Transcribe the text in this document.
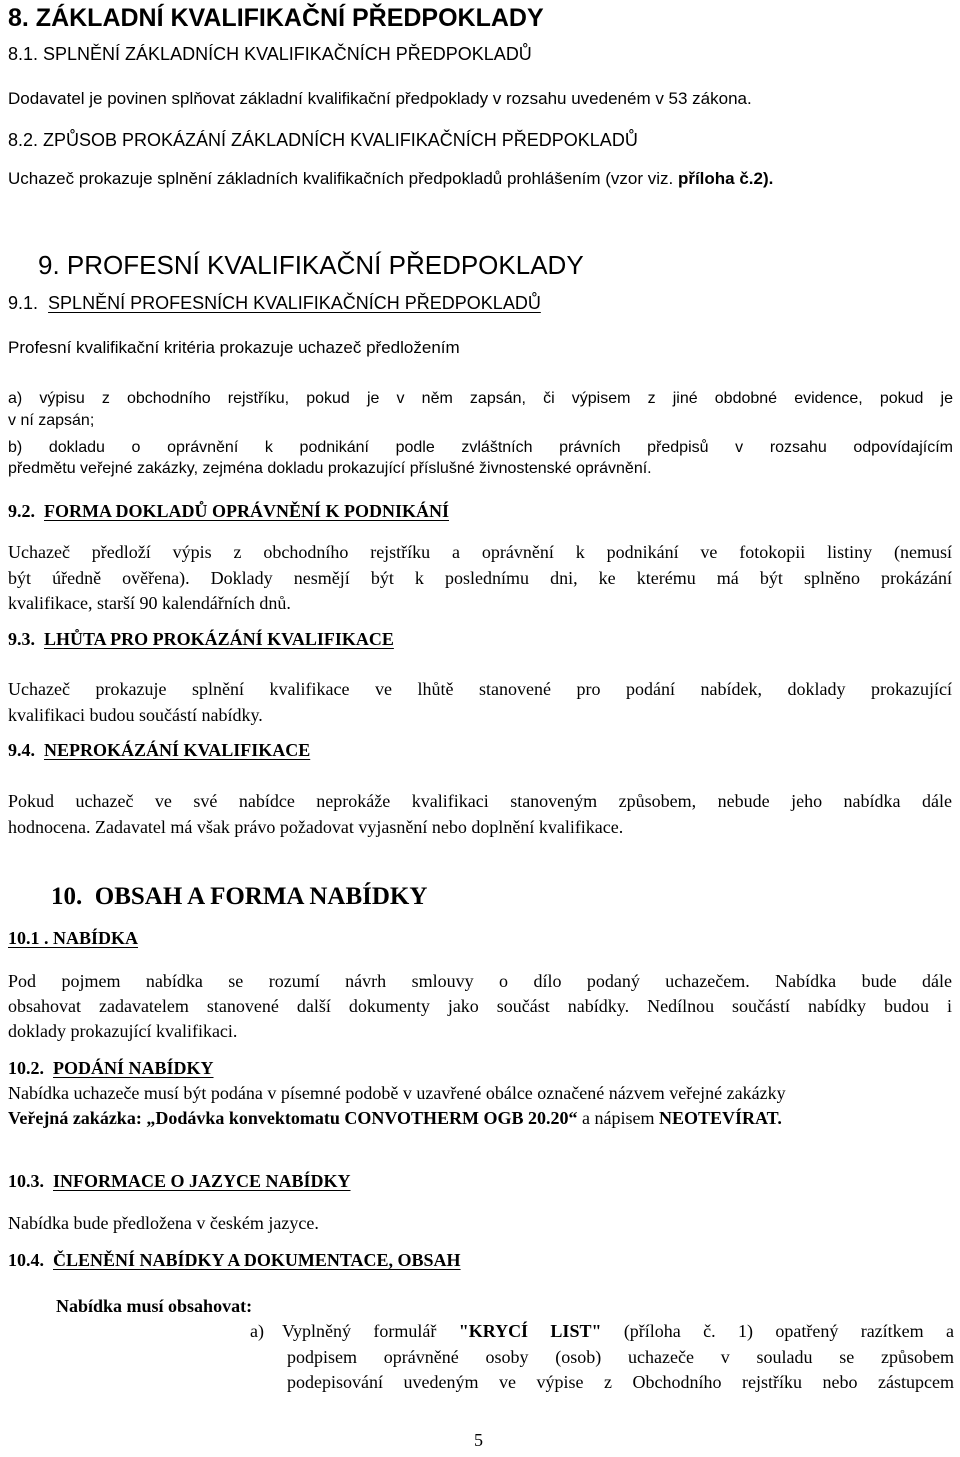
8. ZÁKLADNÍ KVALIFIKAČNÍ PŘEDPOKLADY
8.1. SPLNĚNÍ ZÁKLADNÍCH KVALIFIKAČNÍCH PŘEDPOKLADŮ
Dodavatel je povinen splňovat základní kvalifikační předpoklady v rozsahu uvedeném v 53 zákona.
8.2. ZPŮSOB PROKÁZÁNÍ ZÁKLADNÍCH KVALIFIKAČNÍCH PŘEDPOKLADŮ
Uchazeč prokazuje splnění základních kvalifikačních předpokladů prohlášením (vzor viz. příloha č.2).
9. PROFESNÍ KVALIFIKAČNÍ PŘEDPOKLADY
9.1. SPLNĚNÍ PROFESNÍCH KVALIFIKAČNÍCH PŘEDPOKLADŮ
Profesní kvalifikační kritéria prokazuje uchazeč předložením
a) výpisu z obchodního rejstříku, pokud je v něm zapsán, či výpisem z jiné obdobné evidence, pokud je
v ní zapsán;
b) dokladu o oprávnění k podnikání podle zvláštních právních předpisů v rozsahu odpovídajícím
předmětu veřejné zakázky, zejména dokladu prokazující příslušné živnostenské oprávnění.
9.2. FORMA DOKLADŮ OPRÁVNĚNÍ K PODNIKÁNÍ
Uchazeč předloží výpis z obchodního rejstříku a oprávnění k podnikání ve fotokopii listiny (nemusí
být úředně ověřena). Doklady nesmějí být k poslednímu dni, ke kterému má být splněno prokázání
kvalifikace, starší 90 kalendářních dnů.
9.3. LHŮTA PRO PROKÁZÁNÍ KVALIFIKACE
Uchazeč prokazuje splnění kvalifikace ve lhůtě stanovené pro podání nabídek, doklady prokazující
kvalifikaci budou součástí nabídky.
9.4. NEPROKÁZÁNÍ KVALIFIKACE
Pokud uchazeč ve své nabídce neprokáže kvalifikaci stanoveným způsobem, nebude jeho nabídka dále
hodnocena. Zadavatel má však právo požadovat vyjasnění nebo doplnění kvalifikace.
10. OBSAH A FORMA NABÍDKY
10.1 . NABÍDKA
Pod pojmem nabídka se rozumí návrh smlouvy o dílo podaný uchazečem. Nabídka bude dále
obsahovat zadavatelem stanovené další dokumenty jako součást nabídky. Nedílnou součástí nabídky budou i
doklady prokazující kvalifikaci.
10.2. PODÁNÍ NABÍDKY
Nabídka uchazeče musí být podána v písemné podobě v uzavřené obálce označené názvem veřejné zakázky
Veřejná zakázka: „Dodávka konvektomatu CONVOTHERM OGB 20.20“ a nápisem NEOTEVÍRAT.
10.3. INFORMACE O JAZYCE NABÍDKY
Nabídka bude předložena v českém jazyce.
10.4. ČLENĚNÍ NABÍDKY A DOKUMENTACE, OBSAH
Nabídka musí obsahovat:
a) Vyplněný formulář "KRYCÍ LIST" (příloha č. 1) opatřený razítkem a
podpisem oprávněné osoby (osob) uchazeče v souladu se způsobem
podepisování uvedeným ve výpise z Obchodního rejstříku nebo zástupcem
5
